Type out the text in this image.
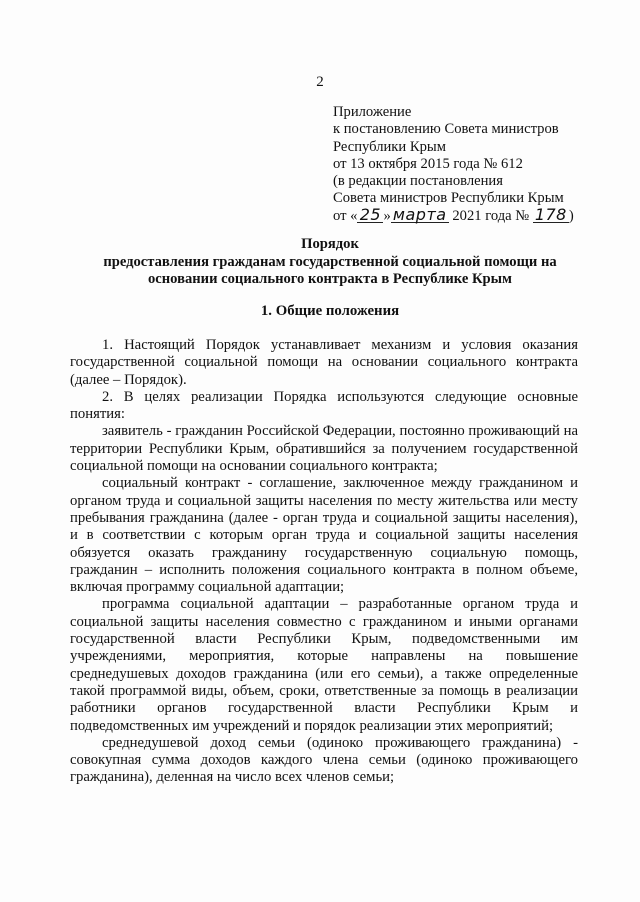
2
Приложение
к постановлению Совета министров
Республики Крым
от 13 октября 2015 года № 612
(в редакции постановления
Совета министров Республики Крым
от « 25 » марта 2021 года № 178 )
Порядок
предоставления гражданам государственной социальной помощи на
основании социального контракта в Республике Крым
1. Общие положения

1. Настоящий Порядок устанавливает механизм и условия оказания государственной социальной помощи на основании социального контракта (далее – Порядок).

2. В целях реализации Порядка используются следующие основные понятия:

заявитель - гражданин Российской Федерации, постоянно проживающий на территории Республики Крым, обратившийся за получением государственной социальной помощи на основании социального контракта;

социальный контракт - соглашение, заключенное между гражданином и органом труда и социальной защиты населения по месту жительства или месту пребывания гражданина (далее - орган труда и социальной защиты населения), и в соответствии с которым орган труда и социальной защиты населения обязуется оказать гражданину государственную социальную помощь, гражданин – исполнить положения социального контракта в полном объеме, включая программу социальной адаптации;

программа социальной адаптации – разработанные органом труда и социальной защиты населения совместно с гражданином и иными органами государственной власти Республики Крым, подведомственными им учреждениями, мероприятия, которые направлены на повышение среднедушевых доходов гражданина (или его семьи), а также определенные такой программой виды, объем, сроки, ответственные за помощь в реализации работники органов государственной власти Республики Крым и подведомственных им учреждений и порядок реализации этих мероприятий;

среднедушевой доход семьи (одиноко проживающего гражданина) - совокупная сумма доходов каждого члена семьи (одиноко проживающего гражданина), деленная на число всех членов семьи;
